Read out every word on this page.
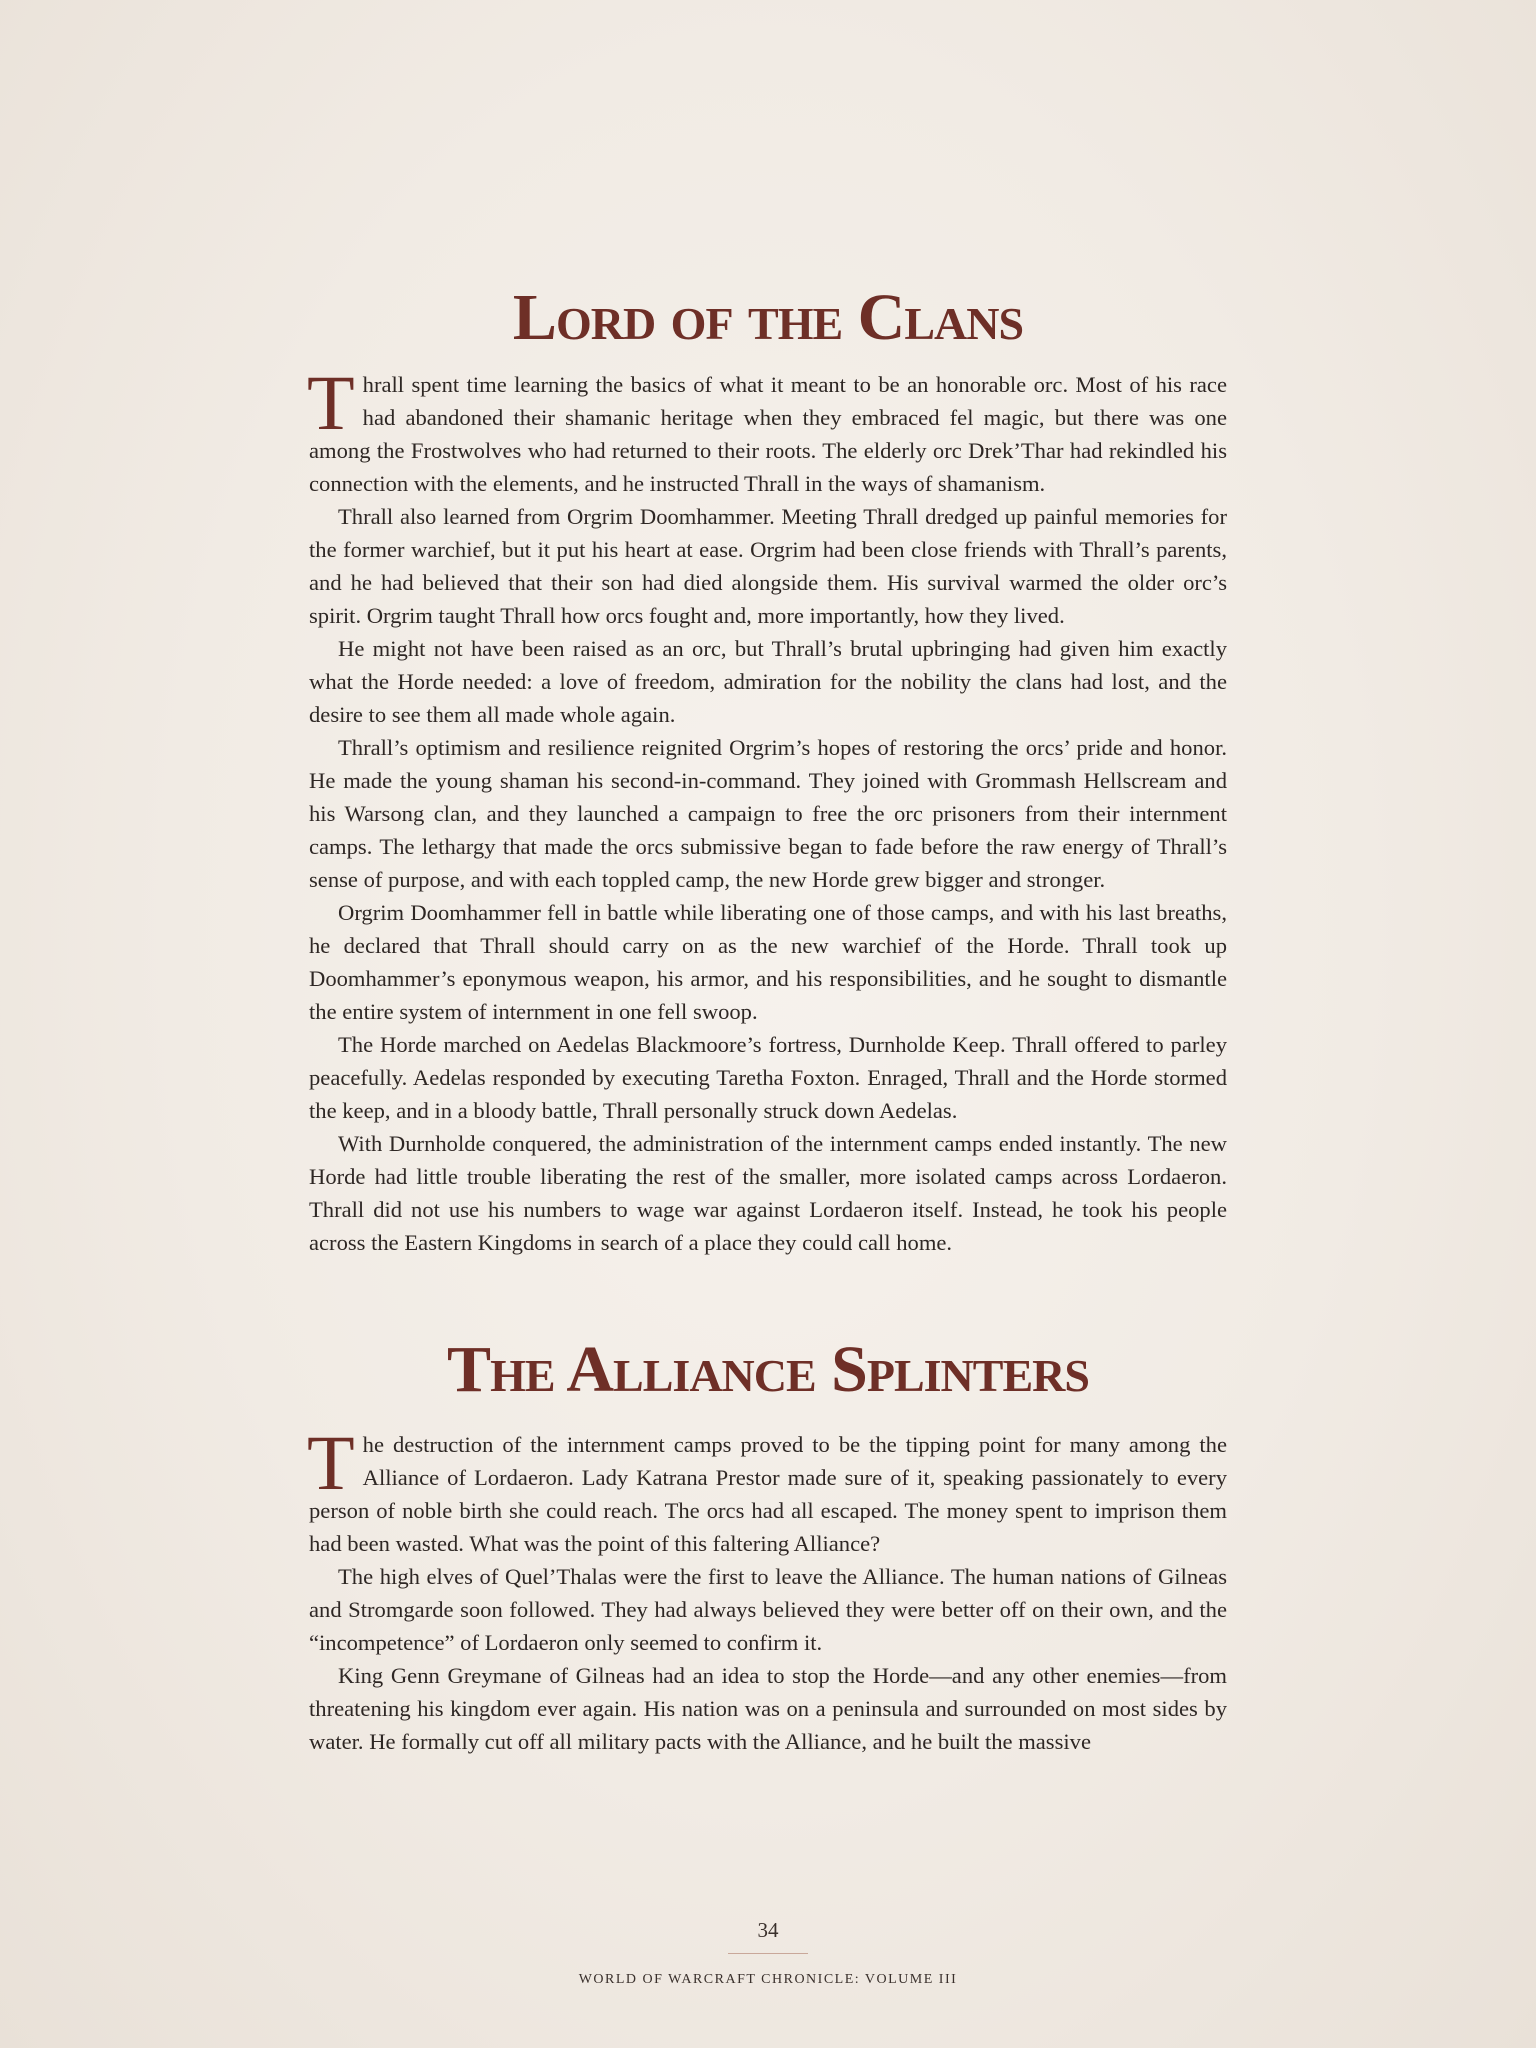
Lord of the Clans

Thrall spent time learning the basics of what it meant to be an honorable orc. Most of his race had abandoned their shamanic heritage when they embraced fel magic, but there was one among the Frostwolves who had returned to their roots. The elderly orc Drek’Thar had rekindled his connection with the elements, and he instructed Thrall in the ways of shamanism.

Thrall also learned from Orgrim Doomhammer. Meeting Thrall dredged up painful memories for the former warchief, but it put his heart at ease. Orgrim had been close friends with Thrall’s parents, and he had believed that their son had died alongside them. His survival warmed the older orc’s spirit. Orgrim taught Thrall how orcs fought and, more importantly, how they lived.

He might not have been raised as an orc, but Thrall’s brutal upbringing had given him exactly what the Horde needed: a love of freedom, admiration for the nobility the clans had lost, and the desire to see them all made whole again.

Thrall’s optimism and resilience reignited Orgrim’s hopes of restoring the orcs’ pride and honor. He made the young shaman his second-in-command. They joined with Grommash Hellscream and his Warsong clan, and they launched a campaign to free the orc prisoners from their internment camps. The lethargy that made the orcs submissive began to fade before the raw energy of Thrall’s sense of purpose, and with each toppled camp, the new Horde grew bigger and stronger.

Orgrim Doomhammer fell in battle while liberating one of those camps, and with his last breaths, he declared that Thrall should carry on as the new warchief of the Horde. Thrall took up Doomhammer’s eponymous weapon, his armor, and his responsibilities, and he sought to dismantle the entire system of internment in one fell swoop.

The Horde marched on Aedelas Blackmoore’s fortress, Durnholde Keep. Thrall offered to parley peacefully. Aedelas responded by executing Taretha Foxton. Enraged, Thrall and the Horde stormed the keep, and in a bloody battle, Thrall personally struck down Aedelas.

With Durnholde conquered, the administration of the internment camps ended instantly. The new Horde had little trouble liberating the rest of the smaller, more isolated camps across Lordaeron. Thrall did not use his numbers to wage war against Lordaeron itself. Instead, he took his people across the Eastern Kingdoms in search of a place they could call home.

The Alliance Splinters

The destruction of the internment camps proved to be the tipping point for many among the Alliance of Lordaeron. Lady Katrana Prestor made sure of it, speaking passionately to every person of noble birth she could reach. The orcs had all escaped. The money spent to imprison them had been wasted. What was the point of this faltering Alliance?

The high elves of Quel’Thalas were the first to leave the Alliance. The human nations of Gilneas and Stromgarde soon followed. They had always believed they were better off on their own, and the “incompetence” of Lordaeron only seemed to confirm it.

King Genn Greymane of Gilneas had an idea to stop the Horde—and any other enemies—from threatening his kingdom ever again. His nation was on a peninsula and surrounded on most sides by water. He formally cut off all military pacts with the Alliance, and he built the massive

34
WORLD OF WARCRAFT CHRONICLE: VOLUME III
